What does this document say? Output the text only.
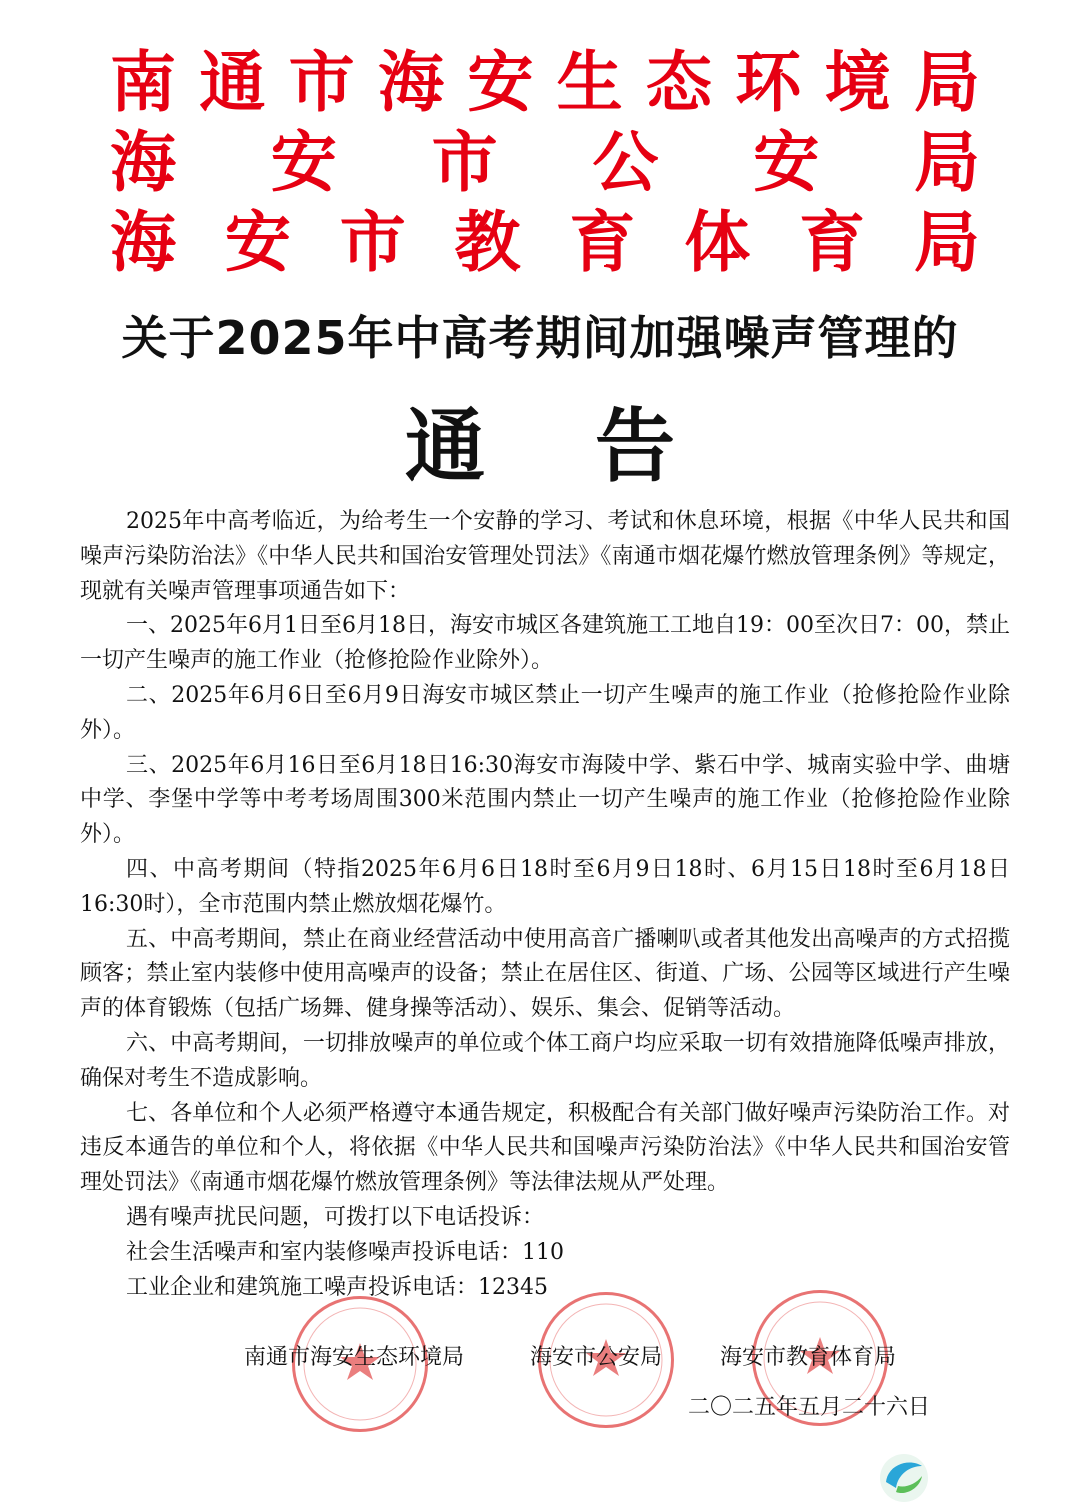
南 通 市 海 安 生 态 环 境 局
海 安 市 公 安 局
海 安 市 教 育 体 育 局
关于2025年中高考期间加强噪声管理的
通告

2025年中高考临近，为给考生一个安静的学习、考试和休息环境，根据《中华人民共和国噪声污染防治法》《中华人民共和国治安管理处罚法》《南通市烟花爆竹燃放管理条例》等规定，现就有关噪声管理事项通告如下：

一、2025年6月1日至6月18日，海安市城区各建筑施工工地自19：00至次日7：00，禁止一切产生噪声的施工作业（抢修抢险作业除外）。

二、2025年6月6日至6月9日海安市城区禁止一切产生噪声的施工作业（抢修抢险作业除外）。

三、2025年6月16日至6月18日16:30海安市海陵中学、紫石中学、城南实验中学、曲塘中学、李堡中学等中考考场周围300米范围内禁止一切产生噪声的施工作业（抢修抢险作业除外）。

四、中高考期间（特指2025年6月6日18时至6月9日18时、6月15日18时至6月18日16:30时），全市范围内禁止燃放烟花爆竹。

五、中高考期间，禁止在商业经营活动中使用高音广播喇叭或者其他发出高噪声的方式招揽顾客；禁止室内装修中使用高噪声的设备；禁止在居住区、街道、广场、公园等区域进行产生噪声的体育锻炼（包括广场舞、健身操等活动）、娱乐、集会、促销等活动。

六、中高考期间，一切排放噪声的单位或个体工商户均应采取一切有效措施降低噪声排放，确保对考生不造成影响。

七、各单位和个人必须严格遵守本通告规定，积极配合有关部门做好噪声污染防治工作。对违反本通告的单位和个人，将依据《中华人民共和国噪声污染防治法》《中华人民共和国治安管理处罚法》《南通市烟花爆竹燃放管理条例》等法律法规从严处理。

遇有噪声扰民问题，可拨打以下电话投诉：

社会生活噪声和室内装修噪声投诉电话：110

工业企业和建筑施工噪声投诉电话：12345

南通市海安生态环境局	海安市公安局	海安市教育体育局
二〇二五年五月二十六日
